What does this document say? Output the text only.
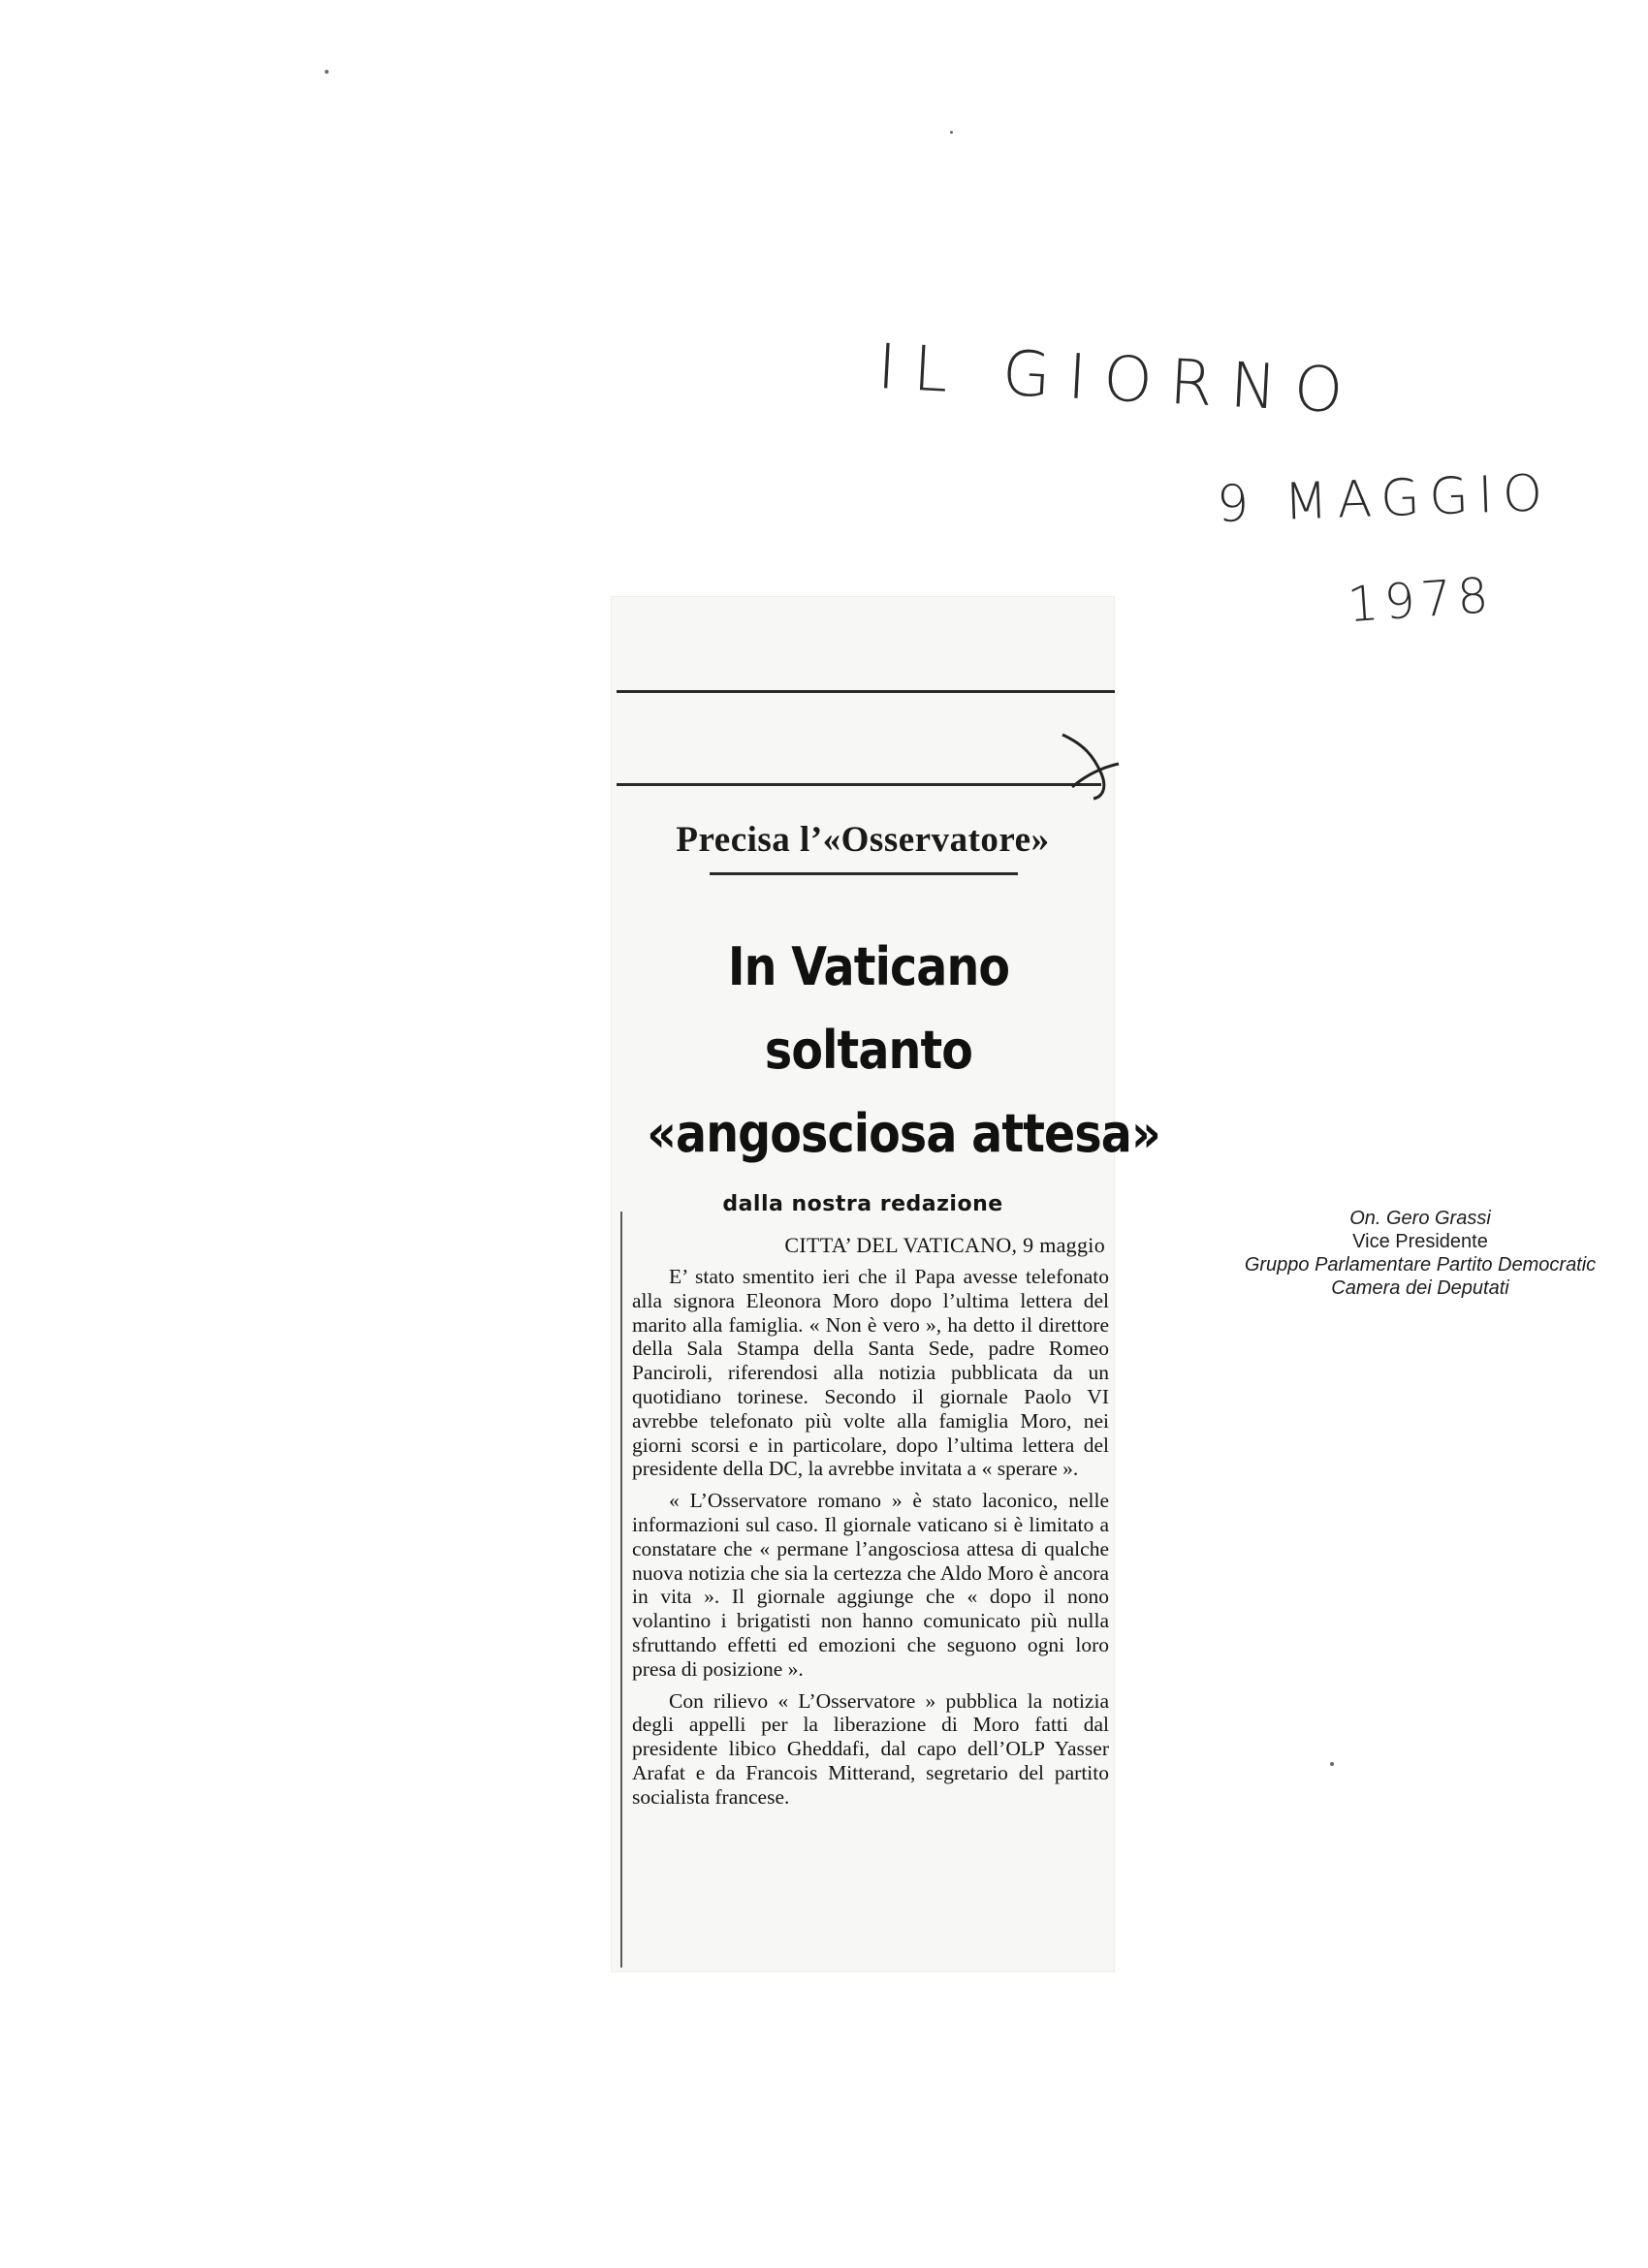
IL GIORNO
9 MAGGIO
1978
Precisa l’«Osservatore»
In Vaticano
soltanto
«angosciosa attesa»
dalla nostra redazione
CITTA’ DEL VATICANO, 9 maggio

E’ stato smentito ieri che il Papa avesse telefonato alla signora Eleonora Moro dopo l’ultima lettera del marito alla famiglia. « Non è vero », ha detto il direttore della Sala Stampa della Santa Sede, padre Romeo Panciroli, riferendosi alla notizia pubblicata da un quotidiano torinese. Secondo il giornale Paolo VI avrebbe telefonato più volte alla famiglia Moro, nei giorni scorsi e in particolare, dopo l’ultima lettera del presidente della DC, la avrebbe invitata a « sperare ».

« L’Osservatore romano » è stato laconico, nelle informazioni sul caso. Il giornale vaticano si è limitato a constatare che « permane l’angosciosa attesa di qualche nuova notizia che sia la certezza che Aldo Moro è ancora in vita ». Il giornale aggiunge che « dopo il nono volantino i brigatisti non hanno comunicato più nulla sfruttando effetti ed emozioni che seguono ogni loro presa di posizione ».

Con rilievo « L’Osservatore » pubblica la notizia degli appelli per la liberazione di Moro fatti dal presidente libico Gheddafi, dal capo dell’OLP Yasser Arafat e da Francois Mitterand, segretario del partito socialista francese.

On. Gero Grassi
Vice Presidente
Gruppo Parlamentare Partito Democratic
Camera dei Deputati
